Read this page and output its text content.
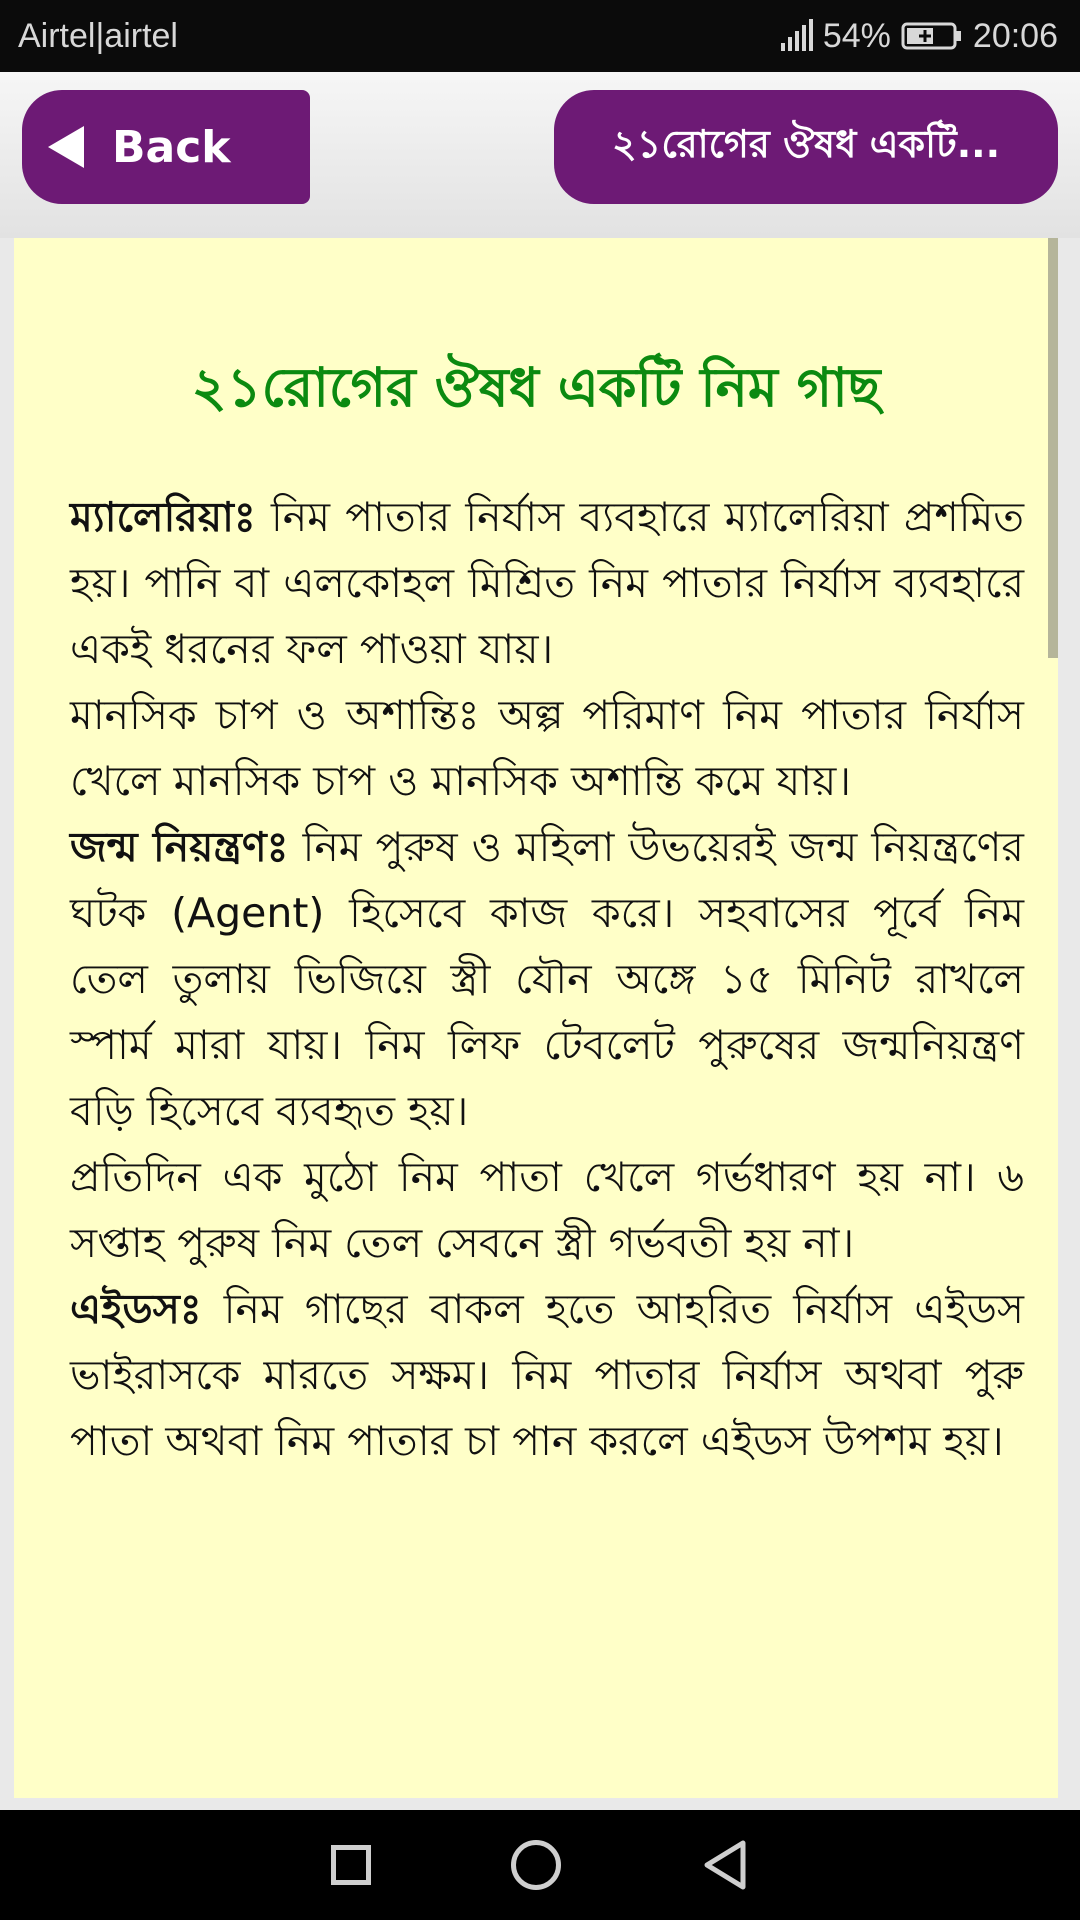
Airtel|airtel	54% 20:06
Back	২১রোগের ঔষধ একটি...
২১রোগের ঔষধ একটি নিম গাছ

ম্যালেরিয়াঃ নিম পাতার নির্যাস ব্যবহারে ম্যালেরিয়া প্রশমিত হয়। পানি বা এলকোহল মিশ্রিত নিম পাতার নির্যাস ব্যবহারে একই ধরনের ফল পাওয়া যায়।

মানসিক চাপ ও অশান্তিঃ অল্প পরিমাণ নিম পাতার নির্যাস খেলে মানসিক চাপ ও মানসিক অশান্তি কমে যায়।

জন্ম নিয়ন্ত্রণঃ নিম পুরুষ ও মহিলা উভয়েরই জন্ম নিয়ন্ত্রণের ঘটক (Agent) হিসেবে কাজ করে। সহবাসের পূর্বে নিম তেল তুলায় ভিজিয়ে স্ত্রী যৌন অঙ্গে ১৫ মিনিট রাখলে স্পার্ম মারা যায়। নিম লিফ টেবলেট পুরুষের জন্মনিয়ন্ত্রণ বড়ি হিসেবে ব্যবহৃত হয়।

প্রতিদিন এক মুঠো নিম পাতা খেলে গর্ভধারণ হয় না। ৬ সপ্তাহ পুরুষ নিম তেল সেবনে স্ত্রী গর্ভবতী হয় না।

এইডসঃ নিম গাছের বাকল হতে আহরিত নির্যাস এইডস ভাইরাসকে মারতে সক্ষম। নিম পাতার নির্যাস অথবা পুরু পাতা অথবা নিম পাতার চা পান করলে এইডস উপশম হয়।
